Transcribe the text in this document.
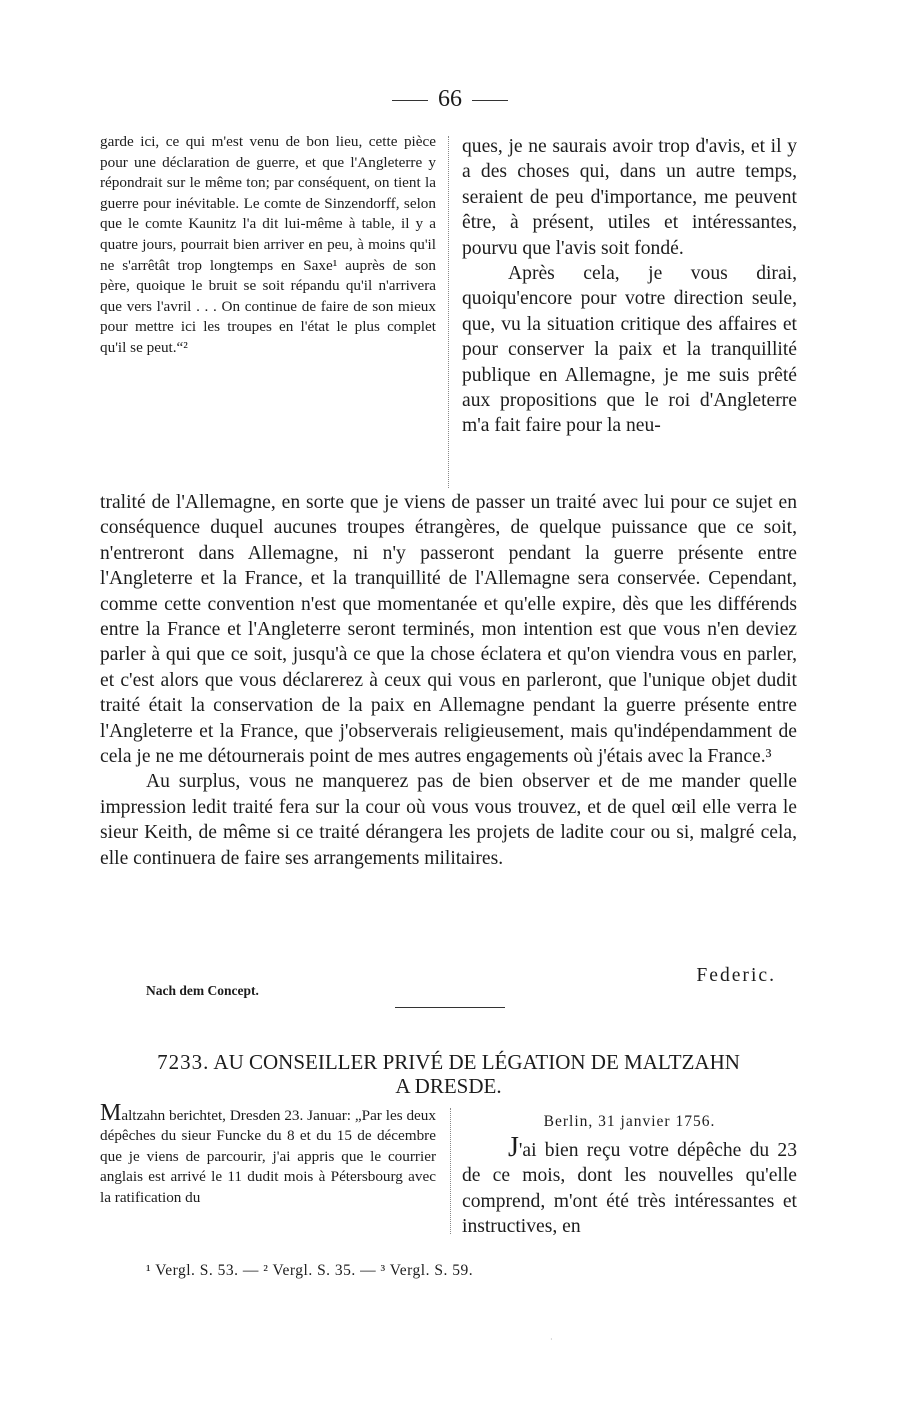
66

garde ici, ce qui m'est venu de bon lieu, cette pièce pour une déclaration de guerre, et que l'Angleterre y répondrait sur le même ton; par conséquent, on tient la guerre pour inévitable. Le comte de Sinzendorff, selon que le comte Kaunitz l'a dit lui-même à table, il y a quatre jours, pourrait bien arriver en peu, à moins qu'il ne s'arrêtât trop longtemps en Saxe¹ auprès de son père, quoique le bruit se soit répandu qu'il n'arrivera que vers l'avril . . . On continue de faire de son mieux pour mettre ici les troupes en l'état le plus complet qu'il se peut.“²

ques, je ne saurais avoir trop d'avis, et il y a des choses qui, dans un autre temps, seraient de peu d'importance, me peuvent être, à présent, utiles et intéressantes, pourvu que l'avis soit fondé.

Après cela, je vous dirai, quoiqu'encore pour votre direction seule, que, vu la situation critique des affaires et pour conserver la paix et la tranquillité publique en Allemagne, je me suis prêté aux propositions que le roi d'Angleterre m'a fait faire pour la neu-

tralité de l'Allemagne, en sorte que je viens de passer un traité avec lui pour ce sujet en conséquence duquel aucunes troupes étrangères, de quelque puissance que ce soit, n'entreront dans Allemagne, ni n'y passeront pendant la guerre présente entre l'Angleterre et la France, et la tranquillité de l'Allemagne sera conservée. Cependant, comme cette convention n'est que momentanée et qu'elle expire, dès que les différends entre la France et l'Angleterre seront terminés, mon intention est que vous n'en deviez parler à qui que ce soit, jusqu'à ce que la chose éclatera et qu'on viendra vous en parler, et c'est alors que vous déclarerez à ceux qui vous en parleront, que l'unique objet dudit traité était la conservation de la paix en Allemagne pendant la guerre présente entre l'Angleterre et la France, que j'observerais religieusement, mais qu'indépendamment de cela je ne me détournerais point de mes autres engagements où j'étais avec la France.³

Au surplus, vous ne manquerez pas de bien observer et de me mander quelle impression ledit traité fera sur la cour où vous vous trouvez, et de quel œil elle verra le sieur Keith, de même si ce traité dérangera les projets de ladite cour ou si, malgré cela, elle continuera de faire ses arrangements militaires.

Federic.
Nach dem Concept.
7233. AU CONSEILLER PRIVÉ DE LÉGATION DE MALTZAHN
A DRESDE.
Maltzahn berichtet, Dresden 23. Januar: „Par les deux dépêches du sieur Funcke du 8 et du 15 de décembre que je viens de parcourir, j'ai appris que le courrier anglais est arrivé le 11 dudit mois à Pétersbourg avec la ratification du
Berlin, 31 janvier 1756.
J'ai bien reçu votre dépêche du 23 de ce mois, dont les nouvelles qu'elle comprend, m'ont été très intéressantes et instructives, en
¹ Vergl. S. 53. — ² Vergl. S. 35. — ³ Vergl. S. 59.
·
